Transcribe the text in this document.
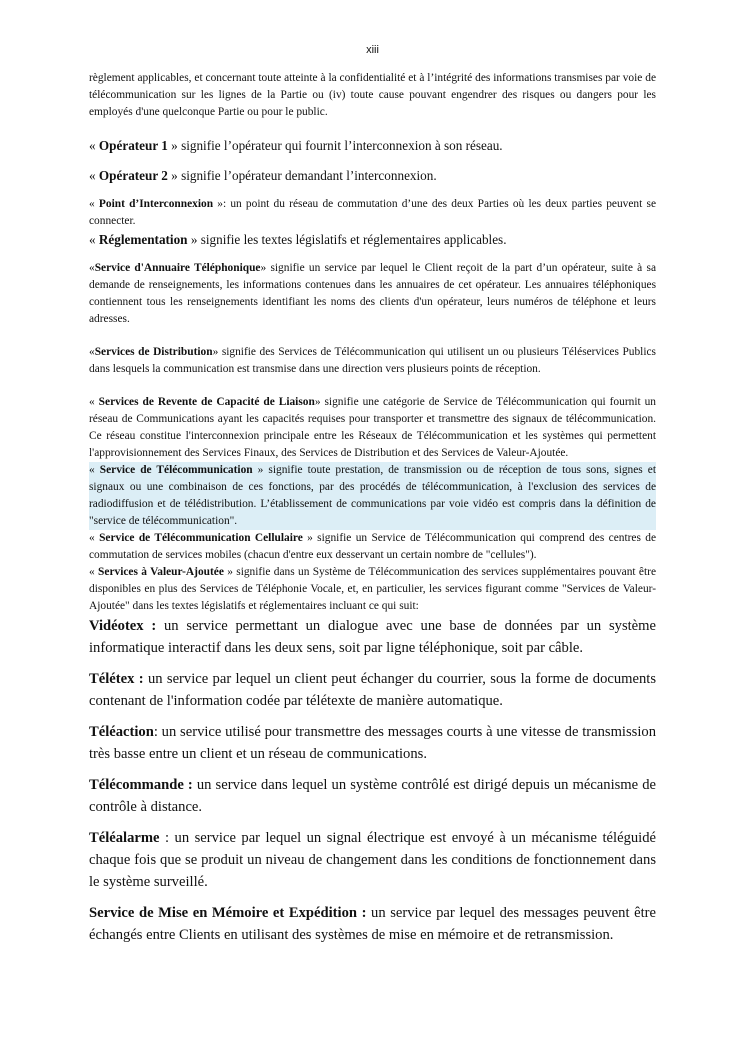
xiii

règlement applicables, et concernant toute atteinte à la confidentialité et à l’intégrité des informations transmises par voie de télécommunication sur les lignes de la Partie ou (iv) toute cause pouvant engendrer des risques ou dangers pour les employés d'une quelconque Partie ou pour le public.

« Opérateur 1 » signifie l’opérateur qui fournit l’interconnexion à son réseau.

« Opérateur 2 » signifie l’opérateur demandant l’interconnexion.

« Point d’Interconnexion »: un point du réseau de commutation d’une des deux Parties où les deux parties peuvent se connecter.

« Réglementation » signifie les textes législatifs et réglementaires applicables.

«Service d'Annuaire Téléphonique» signifie un service par lequel le Client reçoit de la part d’un opérateur, suite à sa demande de renseignements, les informations contenues dans les annuaires de cet opérateur. Les annuaires téléphoniques contiennent tous les renseignements identifiant les noms des clients d'un opérateur, leurs numéros de téléphone et leurs adresses.

«Services de Distribution» signifie des Services de Télécommunication qui utilisent un ou plusieurs Téléservices Publics dans lesquels la communication est transmise dans une direction vers plusieurs points de réception.

« Services de Revente de Capacité de Liaison» signifie une catégorie de Service de Télécommunication qui fournit un réseau de Communications ayant les capacités requises pour transporter et transmettre des signaux de télécommunication. Ce réseau constitue l'interconnexion principale entre les Réseaux de Télécommunication et les systèmes qui permettent l'approvisionnement des Services Finaux, des Services de Distribution et des Services de Valeur-Ajoutée.

« Service de Télécommunication » signifie toute prestation, de transmission ou de réception de tous sons, signes et signaux ou une combinaison de ces fonctions, par des procédés de télécommunication, à l'exclusion des services de radiodiffusion et de télédistribution. L’établissement de communications par voie vidéo est compris dans la définition de "service de télécommunication".

« Service de Télécommunication Cellulaire » signifie un Service de Télécommunication qui comprend des centres de commutation de services mobiles (chacun d'entre eux desservant un certain nombre de "cellules").

« Services à Valeur-Ajoutée » signifie dans un Système de Télécommunication des services supplémentaires pouvant être disponibles en plus des Services de Téléphonie Vocale, et, en particulier, les services figurant comme "Services de Valeur-Ajoutée" dans les textes législatifs et réglementaires incluant ce qui suit:

Vidéotex : un service permettant un dialogue avec une base de données par un système informatique interactif dans les deux sens, soit par ligne téléphonique, soit par câble.

Télétex : un service par lequel un client peut échanger du courrier, sous la forme de documents contenant de l'information codée par télétexte de manière automatique.

Téléaction: un service utilisé pour transmettre des messages courts à une vitesse de transmission très basse entre un client et un réseau de communications.

Télécommande : un service dans lequel un système contrôlé est dirigé depuis un mécanisme de contrôle à distance.

Téléalarme : un service par lequel un signal électrique est envoyé à un mécanisme téléguidé chaque fois que se produit un niveau de changement dans les conditions de fonctionnement dans le système surveillé.

Service de Mise en Mémoire et Expédition : un service par lequel des messages peuvent être échangés entre Clients en utilisant des systèmes de mise en mémoire et de retransmission.
